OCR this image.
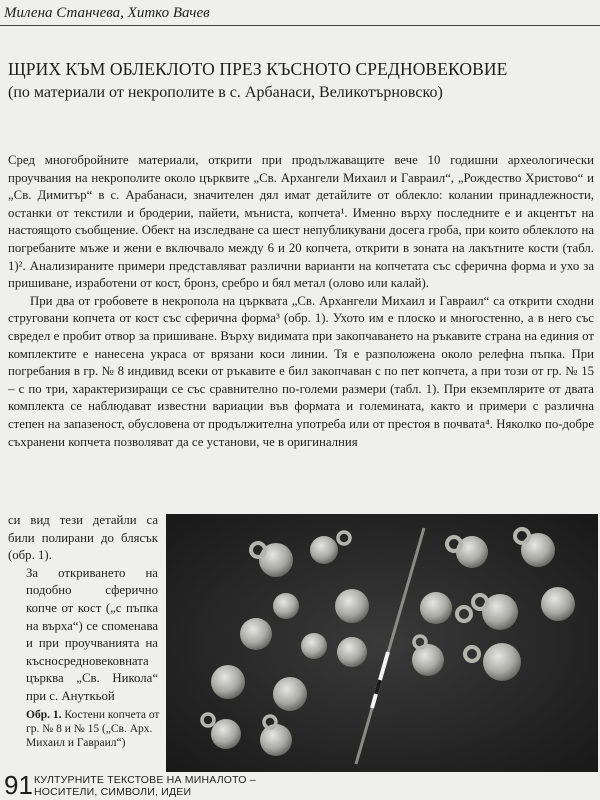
Милена Станчева, Хитко Вачев
ЩРИХ КЪМ ОБЛЕКЛОТО ПРЕЗ КЪСНОТО СРЕДНОВЕКОВИЕ
(по материали от некрополите в с. Арбанаси, Великотърновско)

Сред многобройните материали, открити при продължаващите вече 10 годишни археологически проучвания на некрополите около църквите „Св. Архангели Михаил и Гавраил“, „Рождество Христово“ и „Св. Димитър“ в с. Арабанаси, значителен дял имат детайлите от облекло: колании принадлежности, останки от текстили и бродерии, пайети, мъниста, копчета¹. Именно върху последните е и акцентът на настоящото съобщение. Обект на изследване са шест непубликувани досега гроба, при които облеклото на погребаните мъже и жени е включвало между 6 и 20 копчета, открити в зоната на лакътните кости (табл. 1)². Анализираните примери представляват различни варианти на копчетата със сферична форма и ухо за пришиване, изработени от кост, бронз, сребро и бял метал (олово или калай).

При два от гробовете в некропола на църквата „Св. Архангели Михаил и Гавраил“ са открити сходни струговани копчета от кост със сферична форма³ (обр. 1). Ухото им е плоско и многостенно, а в него със свредел е пробит отвор за пришиване. Върху видимата при закопчаването на ръкавите страна на единия от комплектите е нанесена украса от врязани коси линии. Тя е разположена около релефна пъпка. При погребания в гр. № 8 индивид всеки от ръкавите е бил закопчаван с по пет копчета, а при този от гр. № 15 – с по три, характеризиращи се със сравнително по-големи размери (табл. 1). При екземплярите от двата комплекта се наблюдават известни вариации във формата и големината, както и примери с различна степен на запазеност, обусловена от продължителна употреба или от престоя в почвата⁴. Няколко по-добре съхранени копчета позволяват да се установи, че в оригиналния

си вид тези детайли са били полирани до блясък (обр. 1).
За откриването на подобно сферично копче от кост („с пъпка на върха“) се споменава и при проучванията на късносредновековната църква „Св. Никола“ при с. Ануткьой
Обр. 1. Костени копчета от гр. № 8 и № 15 („Св. Арх. Михаил и Гавраил“)
91 КУЛТУРНИТЕ ТЕКСТОВЕ НА МИНАЛОТО –
НОСИТЕЛИ, СИМВОЛИ, ИДЕИ
